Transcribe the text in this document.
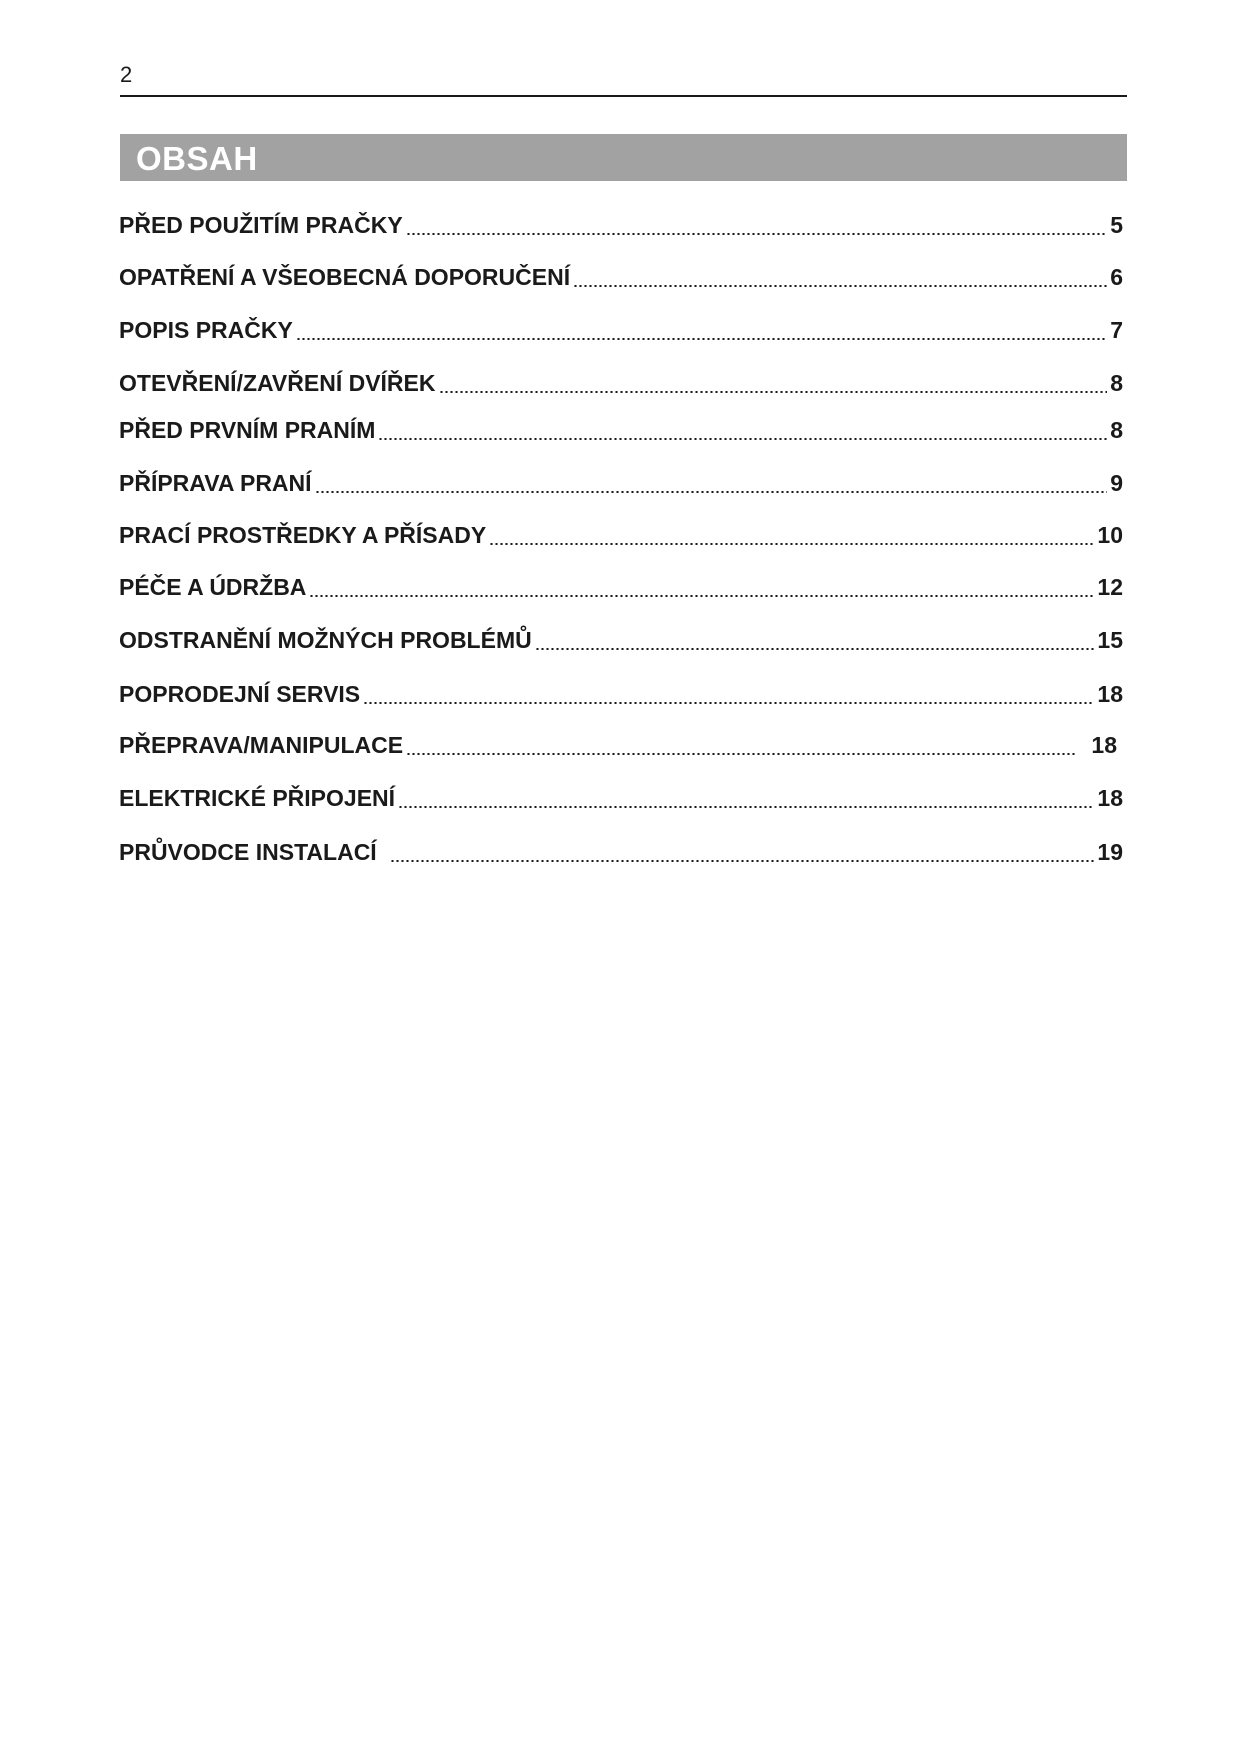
2
OBSAH
PŘED POUŽITÍM PRAČKY	5
OPATŘENÍ A VŠEOBECNÁ DOPORUČENÍ	6
POPIS PRAČKY	7
OTEVŘENÍ/ZAVŘENÍ DVÍŘEK	8
PŘED PRVNÍM PRANÍM	8
PŘÍPRAVA PRANÍ	9
PRACÍ PROSTŘEDKY A PŘÍSADY	10
PÉČE A ÚDRŽBA	12
ODSTRANĚNÍ MOŽNÝCH PROBLÉMŮ	15
POPRODEJNÍ SERVIS	18
PŘEPRAVA/MANIPULACE	18
ELEKTRICKÉ PŘIPOJENÍ	18
PRŮVODCE INSTALACÍ	19
